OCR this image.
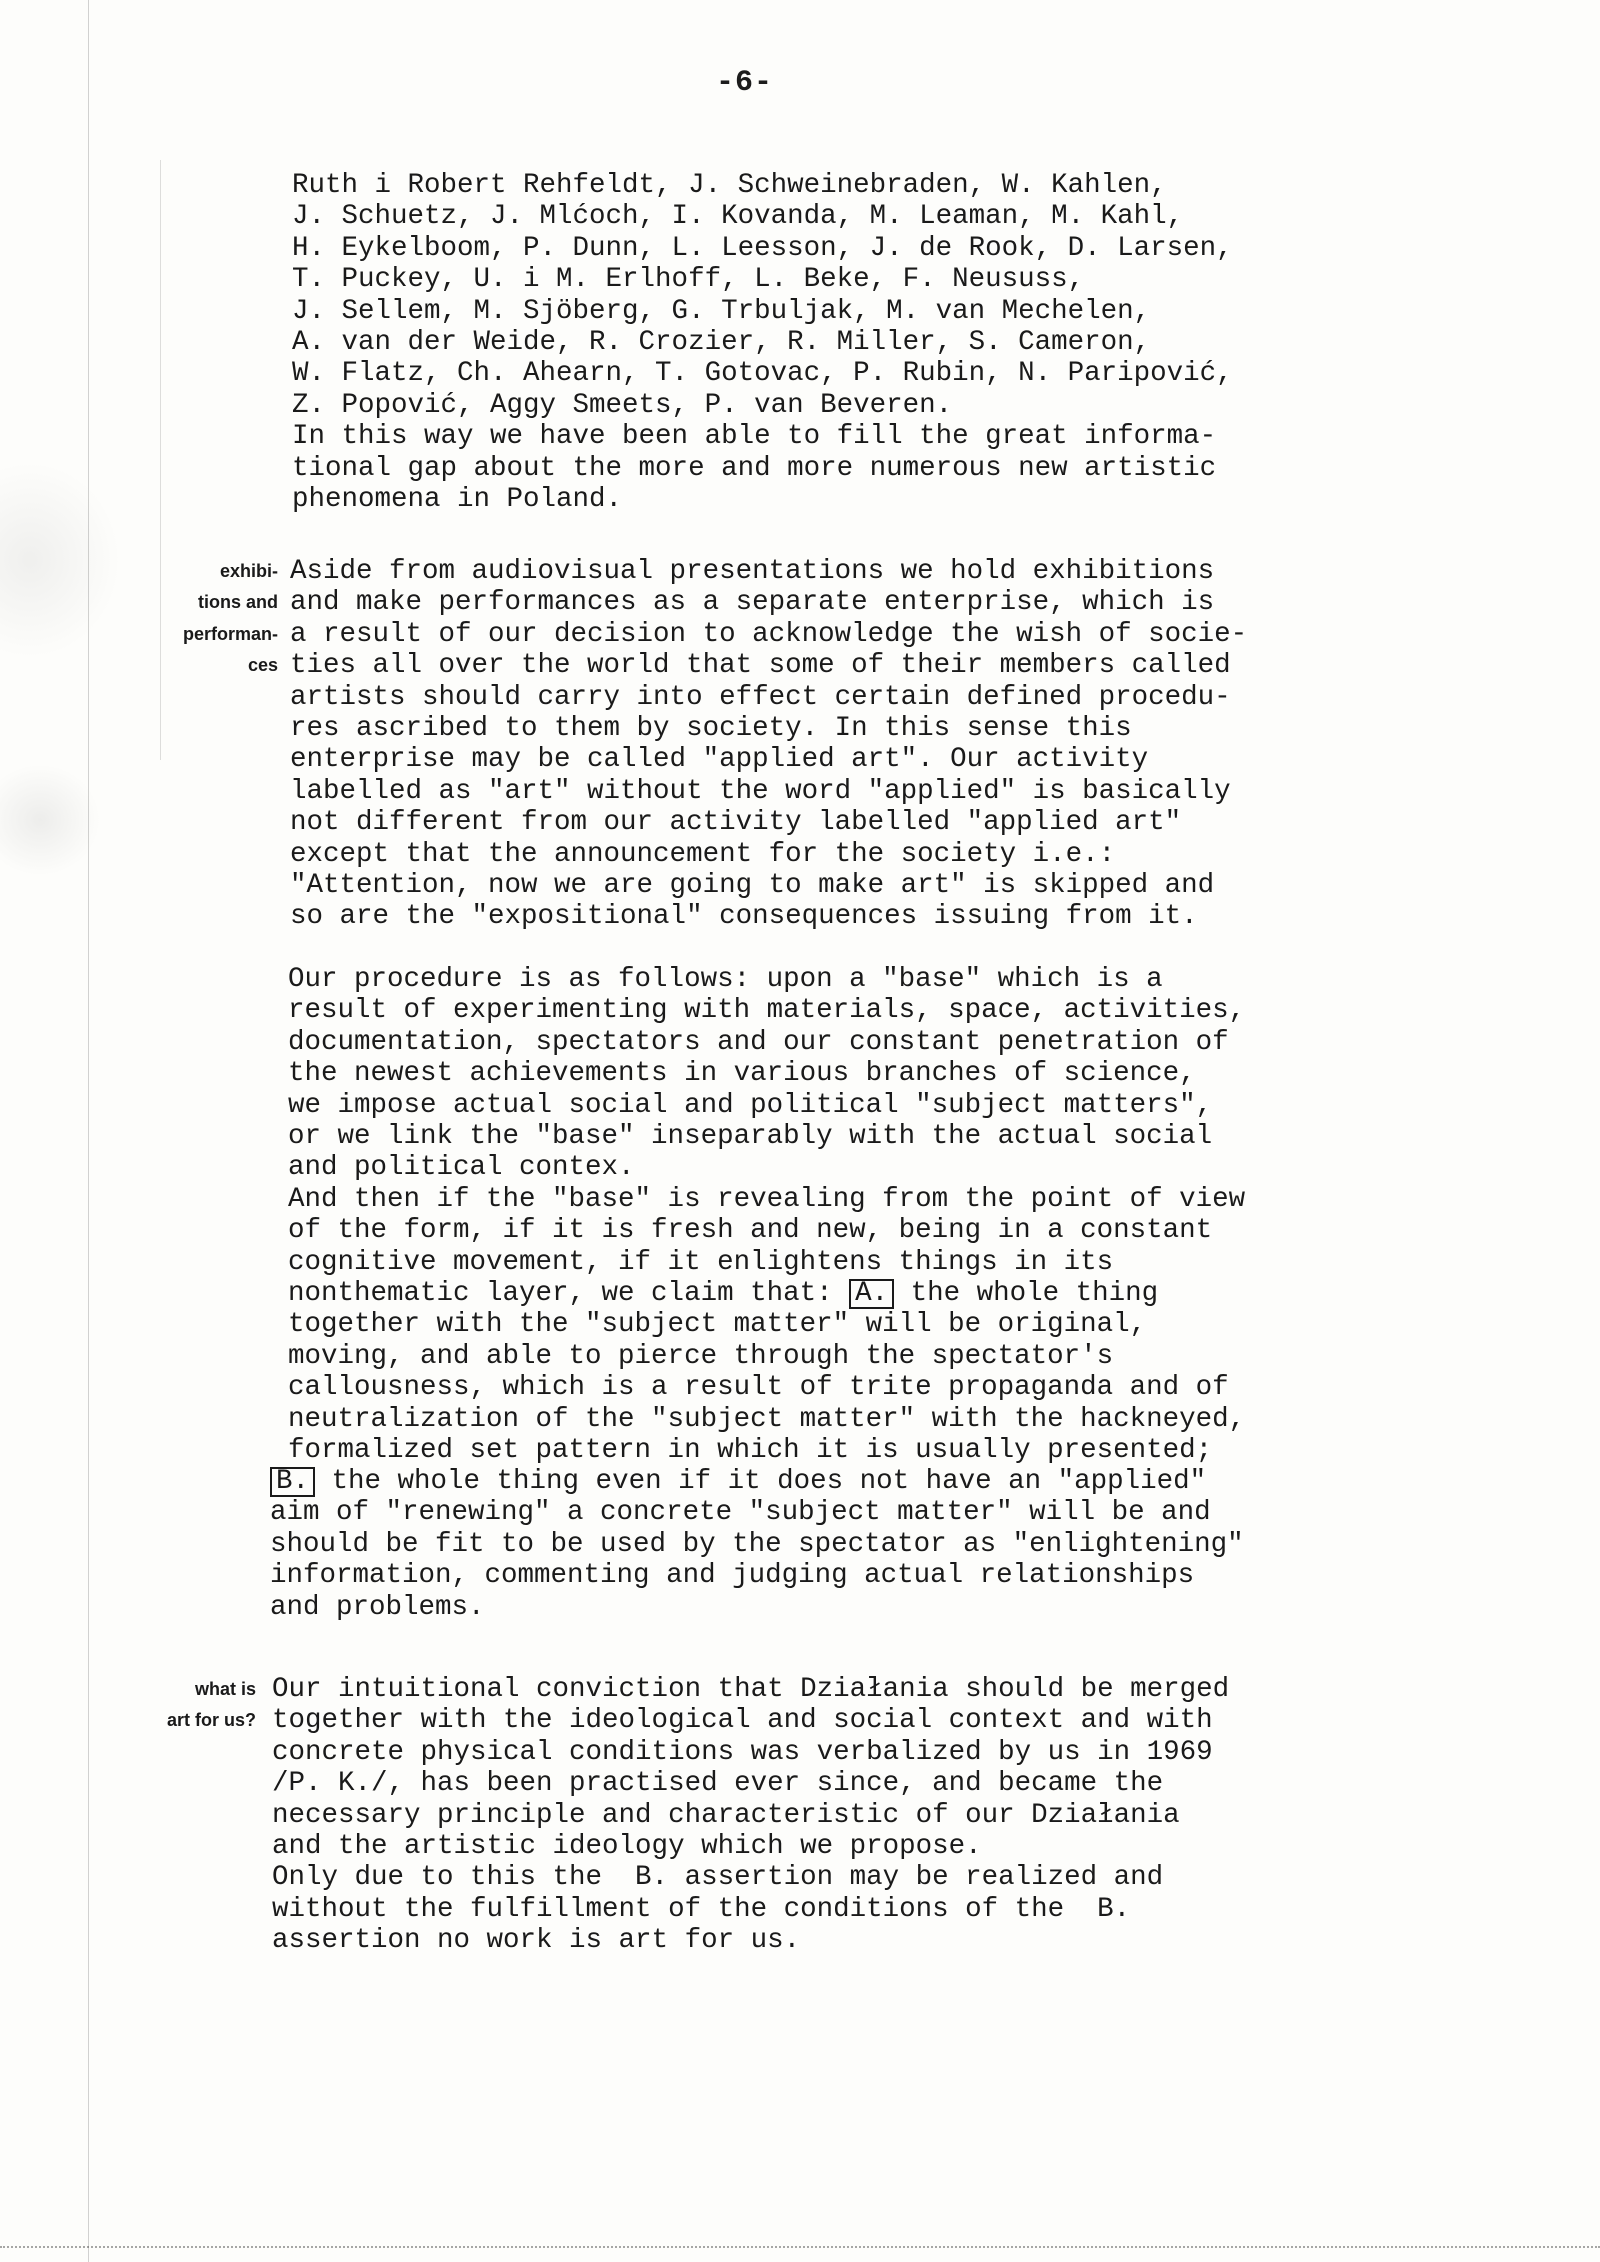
-6-
Ruth i Robert Rehfeldt, J. Schweinebraden, W. Kahlen,
J. Schuetz, J. Mlćoch, I. Kovanda, M. Leaman, M. Kahl,
H. Eykelboom, P. Dunn, L. Leesson, J. de Rook, D. Larsen,
T. Puckey, U. i M. Erlhoff, L. Beke, F. Neususs,
J. Sellem, M. Sjöberg, G. Trbuljak, M. van Mechelen,
A. van der Weide, R. Crozier, R. Miller, S. Cameron,
W. Flatz, Ch. Ahearn, T. Gotovac, P. Rubin, N. Paripović,
Z. Popović, Aggy Smeets, P. van Beveren.
In this way we have been able to fill the great informa-
tional gap about the more and more numerous new artistic
phenomena in Poland.
exhibi-
tions and
performan-
ces
Aside from audiovisual presentations we hold exhibitions
and make performances as a separate enterprise, which is
a result of our decision to acknowledge the wish of socie-
ties all over the world that some of their members called
artists should carry into effect certain defined procedu-
res ascribed to them by society. In this sense this
enterprise may be called "applied art". Our activity
labelled as "art" without the word "applied" is basically
not different from our activity labelled "applied art"
except that the announcement for the society i.e.:
"Attention, now we are going to make art" is skipped and
so are the "expositional" consequences issuing from it.
Our procedure is as follows: upon a "base" which is a
result of experimenting with materials, space, activities,
documentation, spectators and our constant penetration of
the newest achievements in various branches of science,
we impose actual social and political "subject matters",
or we link the "base" inseparably with the actual social
and political contex.
And then if the "base" is revealing from the point of view
of the form, if it is fresh and new, being in a constant
cognitive movement, if it enlightens things in its
nonthematic layer, we claim that: A. the whole thing
together with the "subject matter" will be original,
moving, and able to pierce through the spectator's
callousness, which is a result of trite propaganda and of
neutralization of the "subject matter" with the hackneyed,
formalized set pattern in which it is usually presented;
B. the whole thing even if it does not have an "applied"
aim of "renewing" a concrete "subject matter" will be and
should be fit to be used by the spectator as "enlightening"
information, commenting and judging actual relationships
and problems.
what is
art for us?
Our intuitional conviction that Działania should be merged
together with the ideological and social context and with
concrete physical conditions was verbalized by us in 1969
/P. K./, has been practised ever since, and became the
necessary principle and characteristic of our Działania
and the artistic ideology which we propose.
Only due to this the  B. assertion may be realized and
without the fulfillment of the conditions of the  B.
assertion no work is art for us.
